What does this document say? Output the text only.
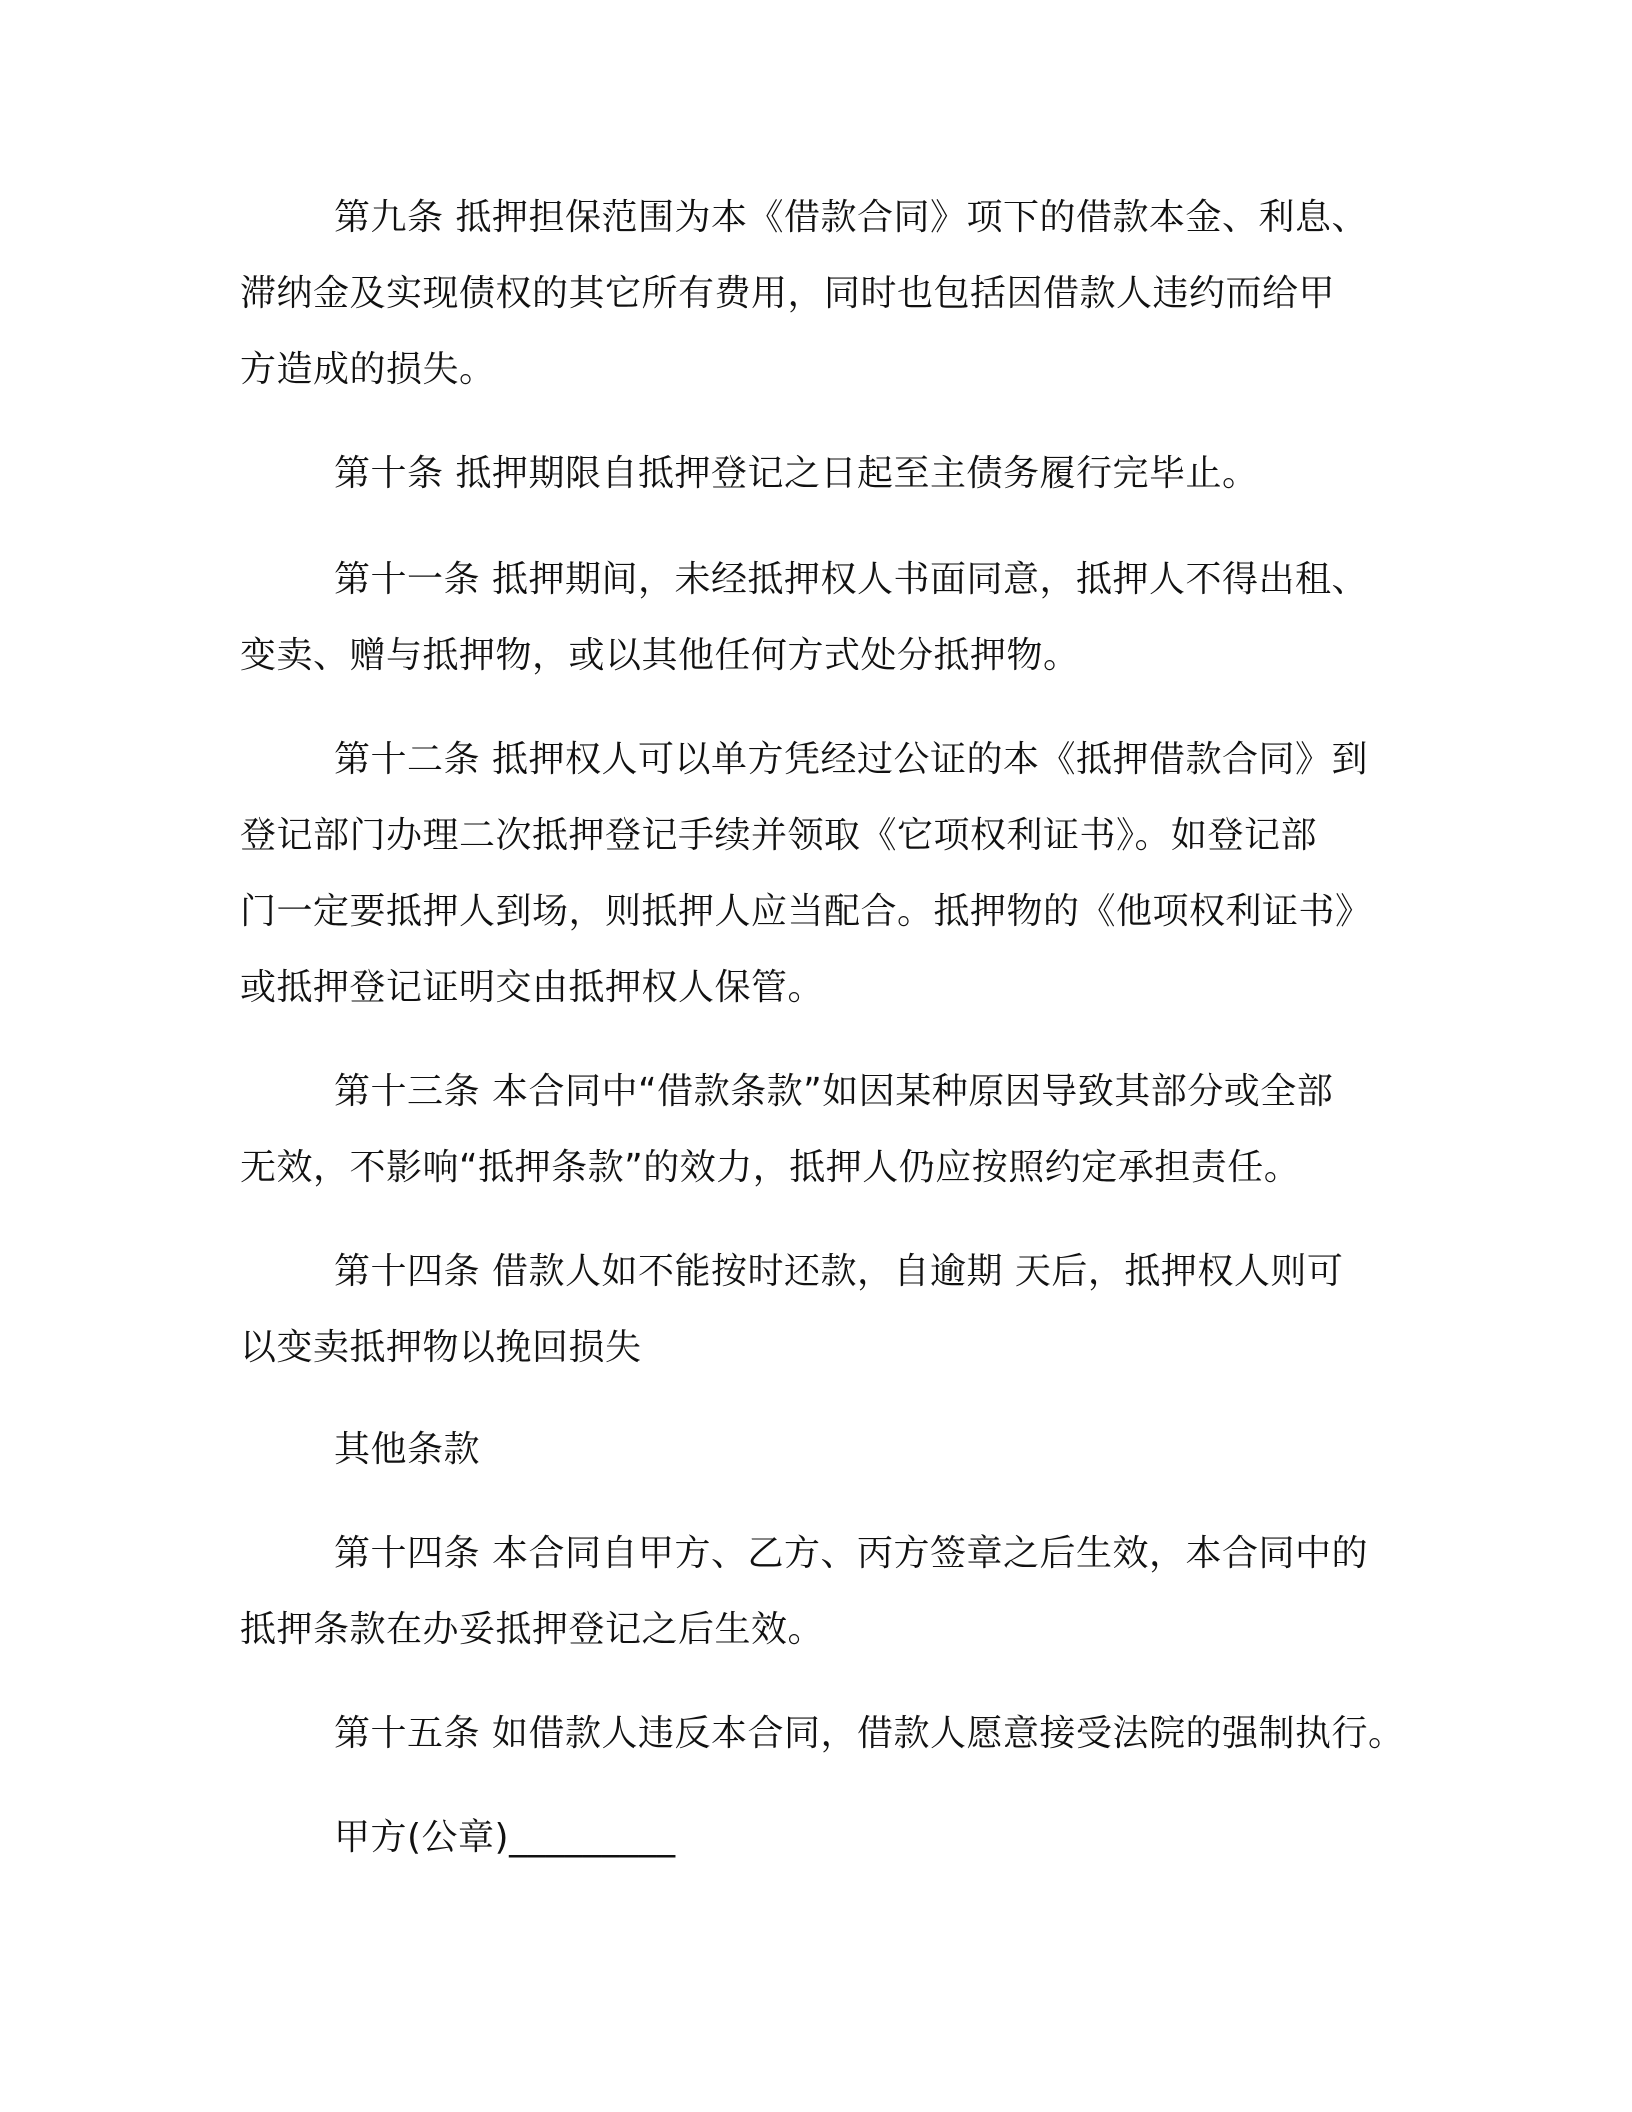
第九条 抵押担保范围为本《借款合同》项下的借款本金、利息、
滞纳金及实现债权的其它所有费用，同时也包括因借款人违约而给甲
方造成的损失。
第十条 抵押期限自抵押登记之日起至主债务履行完毕止。
第十一条 抵押期间，未经抵押权人书面同意，抵押人不得出租、
变卖、赠与抵押物，或以其他任何方式处分抵押物。
第十二条 抵押权人可以单方凭经过公证的本《抵押借款合同》到
登记部门办理二次抵押登记手续并领取《它项权利证书》。如登记部
门一定要抵押人到场，则抵押人应当配合。抵押物的《他项权利证书》
或抵押登记证明交由抵押权人保管。
第十三条 本合同中“借款条款”如因某种原因导致其部分或全部
无效，不影响“抵押条款”的效力，抵押人仍应按照约定承担责任。
第十四条 借款人如不能按时还款，自逾期 天后，抵押权人则可
以变卖抵押物以挽回损失
其他条款
第十四条 本合同自甲方、乙方、丙方签章之后生效，本合同中的
抵押条款在办妥抵押登记之后生效。
第十五条 如借款人违反本合同，借款人愿意接受法院的强制执行。
甲方(公章)_________
